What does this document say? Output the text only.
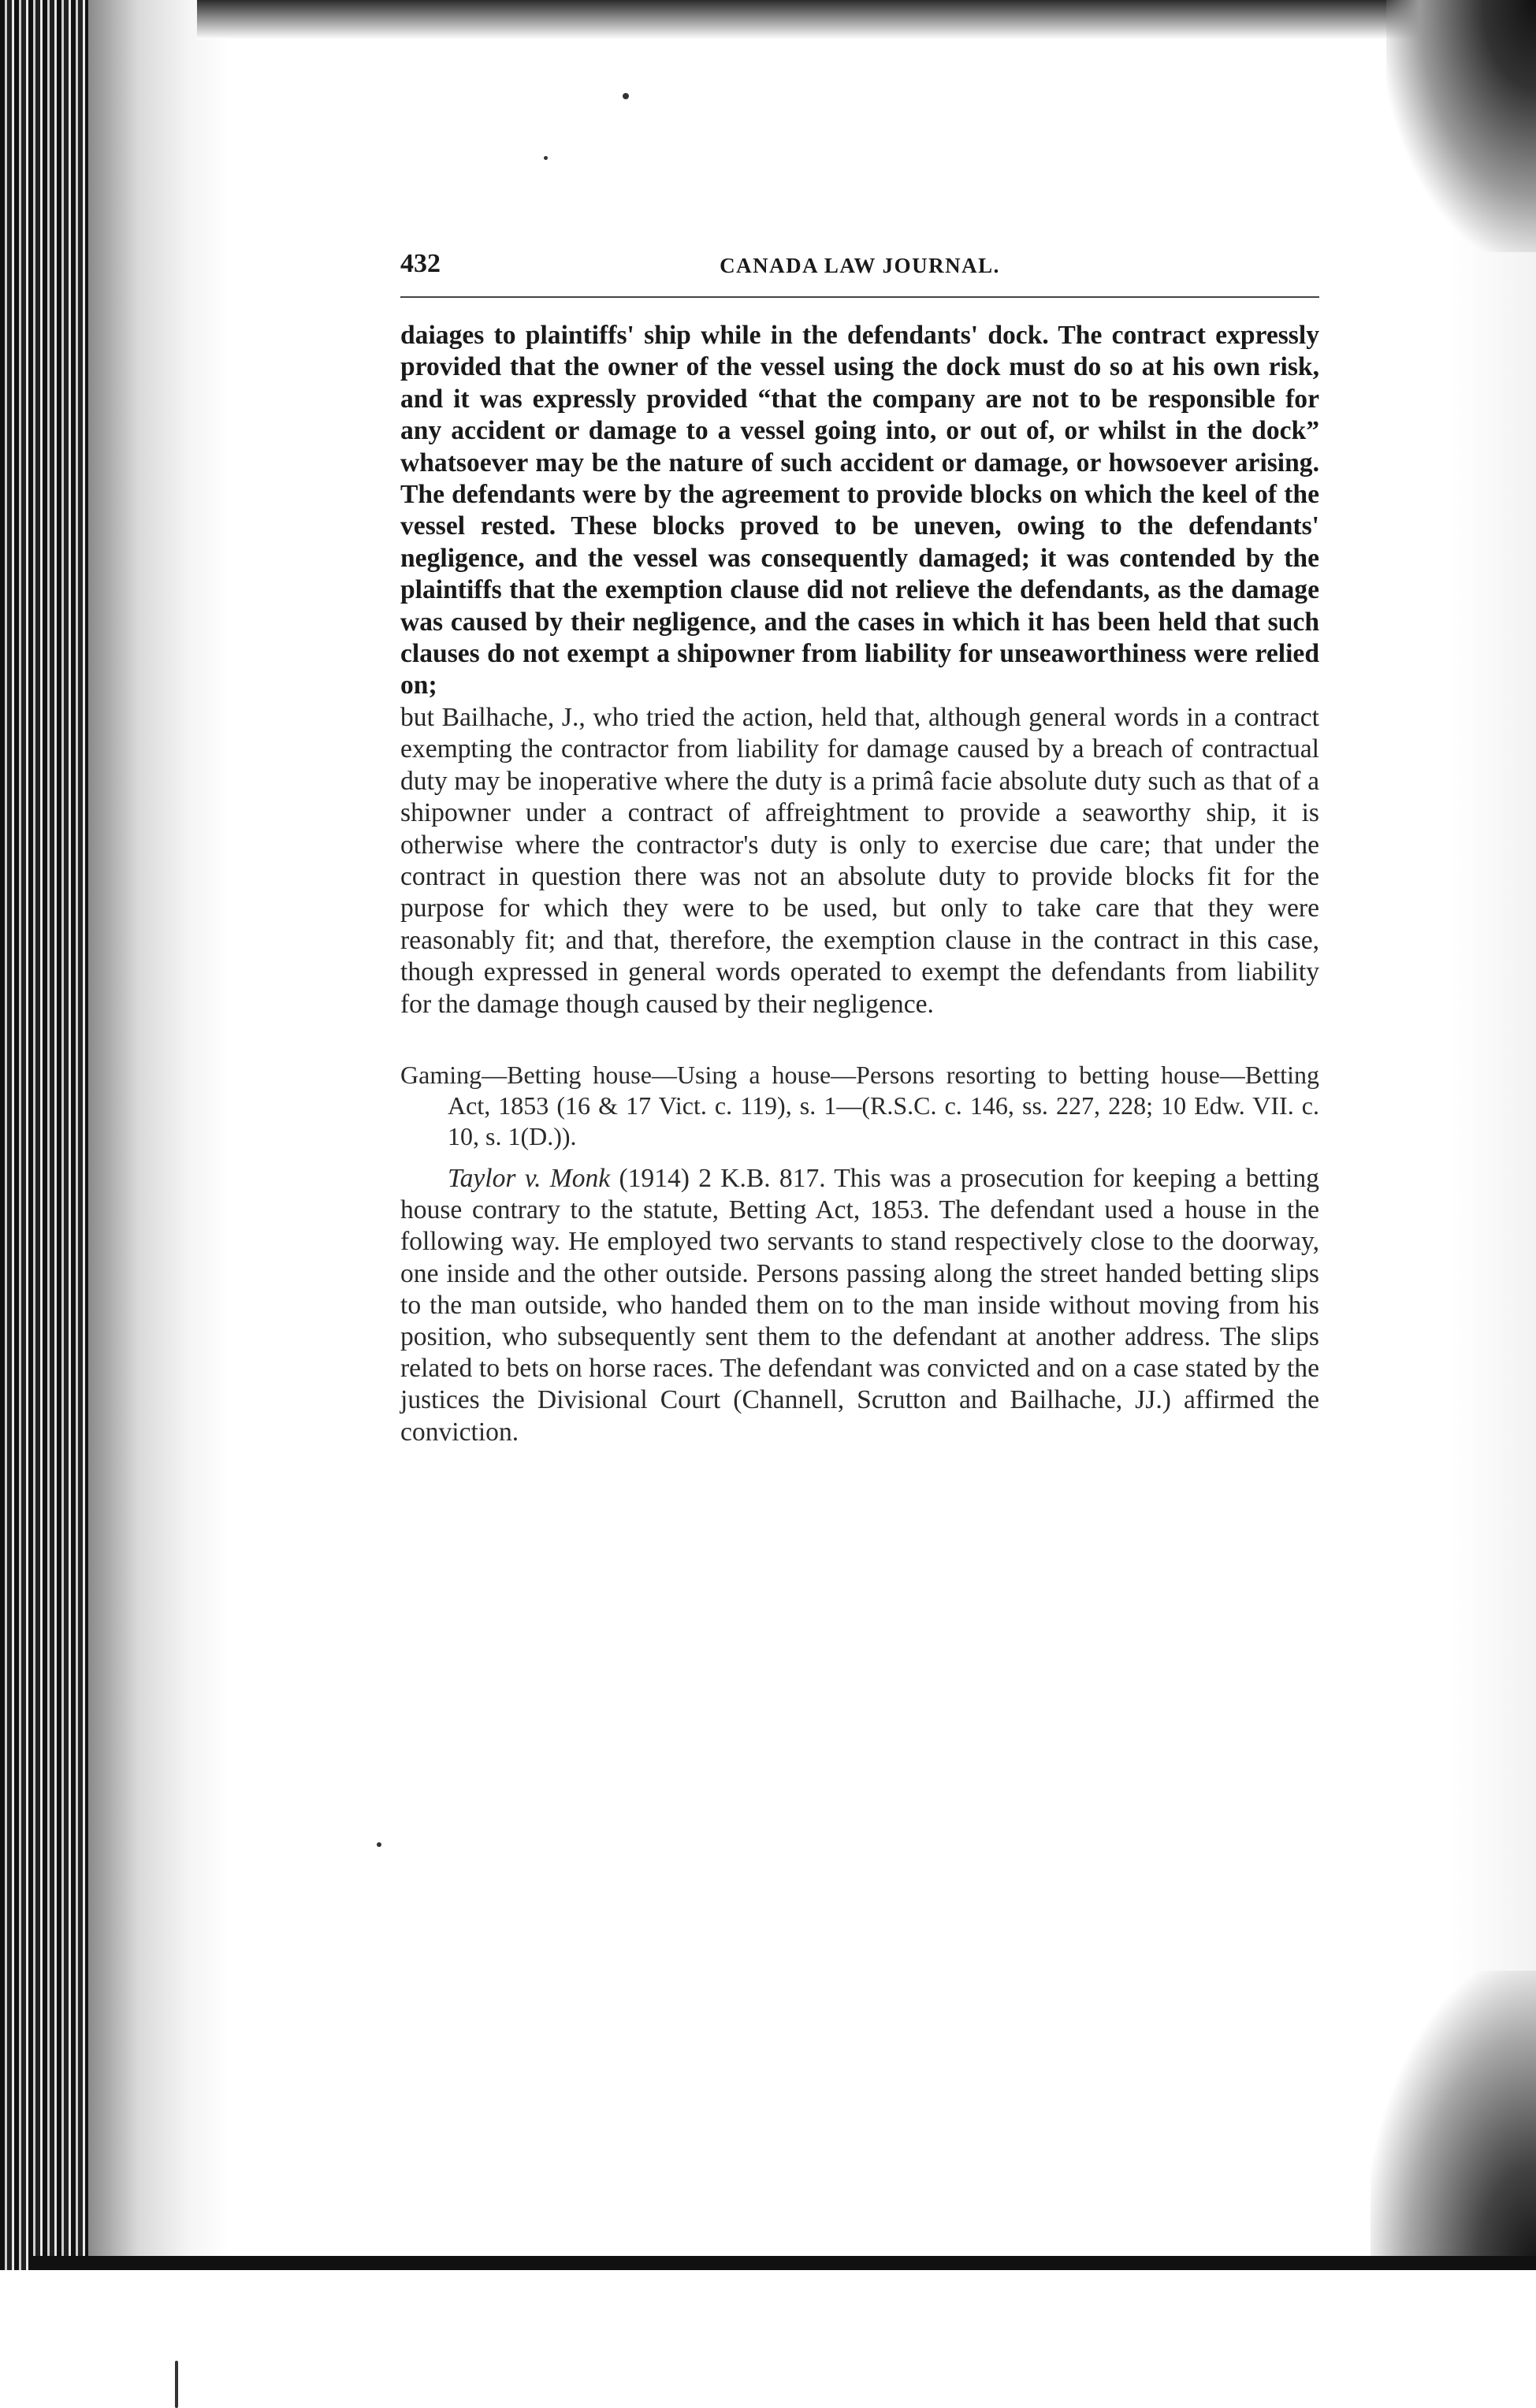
432	CANADA LAW JOURNAL.

daiages to plaintiffs' ship while in the defendants' dock. The contract expressly provided that the owner of the vessel using the dock must do so at his own risk, and it was expressly provided “that the company are not to be responsible for any accident or damage to a vessel going into, or out of, or whilst in the dock” whatsoever may be the nature of such accident or damage, or howsoever arising. The defendants were by the agreement to provide blocks on which the keel of the vessel rested. These blocks proved to be uneven, owing to the defendants' negligence, and the vessel was consequently damaged; it was contended by the plaintiffs that the exemption clause did not relieve the defendants, as the damage was caused by their negligence, and the cases in which it has been held that such clauses do not exempt a shipowner from liability for unseaworthiness were relied on;

but Bailhache, J., who tried the action, held that, although general words in a contract exempting the contractor from liability for damage caused by a breach of contractual duty may be inoperative where the duty is a primâ facie absolute duty such as that of a shipowner under a contract of affreightment to provide a seaworthy ship, it is otherwise where the contractor's duty is only to exercise due care; that under the contract in question there was not an absolute duty to provide blocks fit for the purpose for which they were to be used, but only to take care that they were reasonably fit; and that, therefore, the exemption clause in the contract in this case, though expressed in general words operated to exempt the defendants from liability for the damage though caused by their negligence.

Gaming—Betting house—Using a house—Persons resorting to betting house—Betting Act, 1853 (16 & 17 Vict. c. 119), s. 1—(R.S.C. c. 146, ss. 227, 228; 10 Edw. VII. c. 10, s. 1(D.)).

Taylor v. Monk (1914) 2 K.B. 817. This was a prosecution for keeping a betting house contrary to the statute, Betting Act, 1853. The defendant used a house in the following way. He employed two servants to stand respectively close to the doorway, one inside and the other outside. Persons passing along the street handed betting slips to the man outside, who handed them on to the man inside without moving from his position, who subsequently sent them to the defendant at another address. The slips related to bets on horse races. The defendant was convicted and on a case stated by the justices the Divisional Court (Channell, Scrutton and Bailhache, JJ.) affirmed the conviction.
